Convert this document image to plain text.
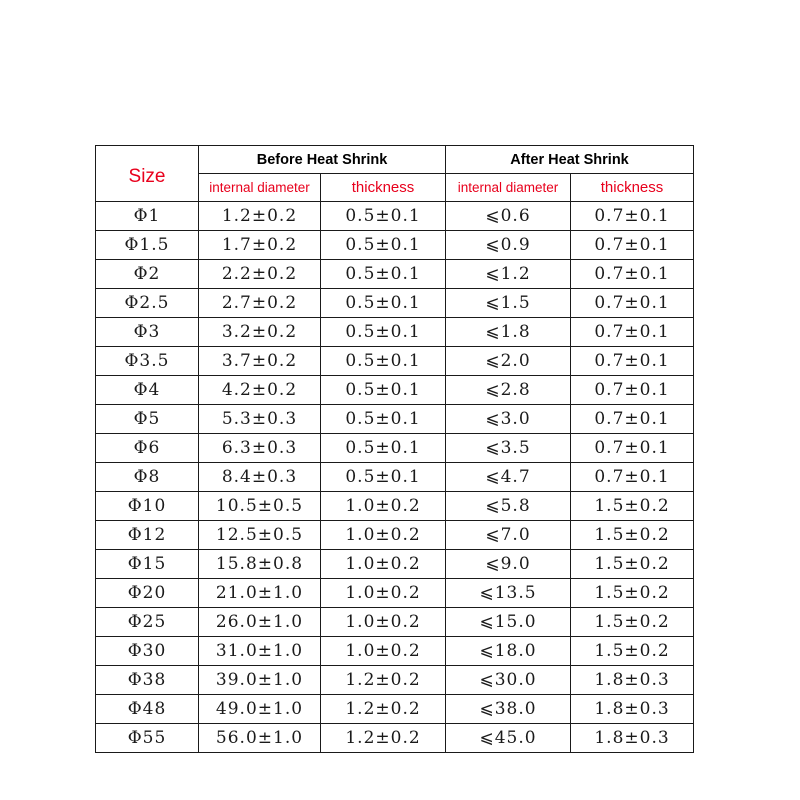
Size	Before Heat Shrink		After Heat Shrink	
	internal diameter	thickness	internal diameter	thickness
Φ1	1.2±0.2	0.5±0.1	⩽0.6	0.7±0.1
Φ1.5	1.7±0.2	0.5±0.1	⩽0.9	0.7±0.1
Φ2	2.2±0.2	0.5±0.1	⩽1.2	0.7±0.1
Φ2.5	2.7±0.2	0.5±0.1	⩽1.5	0.7±0.1
Φ3	3.2±0.2	0.5±0.1	⩽1.8	0.7±0.1
Φ3.5	3.7±0.2	0.5±0.1	⩽2.0	0.7±0.1
Φ4	4.2±0.2	0.5±0.1	⩽2.8	0.7±0.1
Φ5	5.3±0.3	0.5±0.1	⩽3.0	0.7±0.1
Φ6	6.3±0.3	0.5±0.1	⩽3.5	0.7±0.1
Φ8	8.4±0.3	0.5±0.1	⩽4.7	0.7±0.1
Φ10	10.5±0.5	1.0±0.2	⩽5.8	1.5±0.2
Φ12	12.5±0.5	1.0±0.2	⩽7.0	1.5±0.2
Φ15	15.8±0.8	1.0±0.2	⩽9.0	1.5±0.2
Φ20	21.0±1.0	1.0±0.2	⩽13.5	1.5±0.2
Φ25	26.0±1.0	1.0±0.2	⩽15.0	1.5±0.2
Φ30	31.0±1.0	1.0±0.2	⩽18.0	1.5±0.2
Φ38	39.0±1.0	1.2±0.2	⩽30.0	1.8±0.3
Φ48	49.0±1.0	1.2±0.2	⩽38.0	1.8±0.3
Φ55	56.0±1.0	1.2±0.2	⩽45.0	1.8±0.3
